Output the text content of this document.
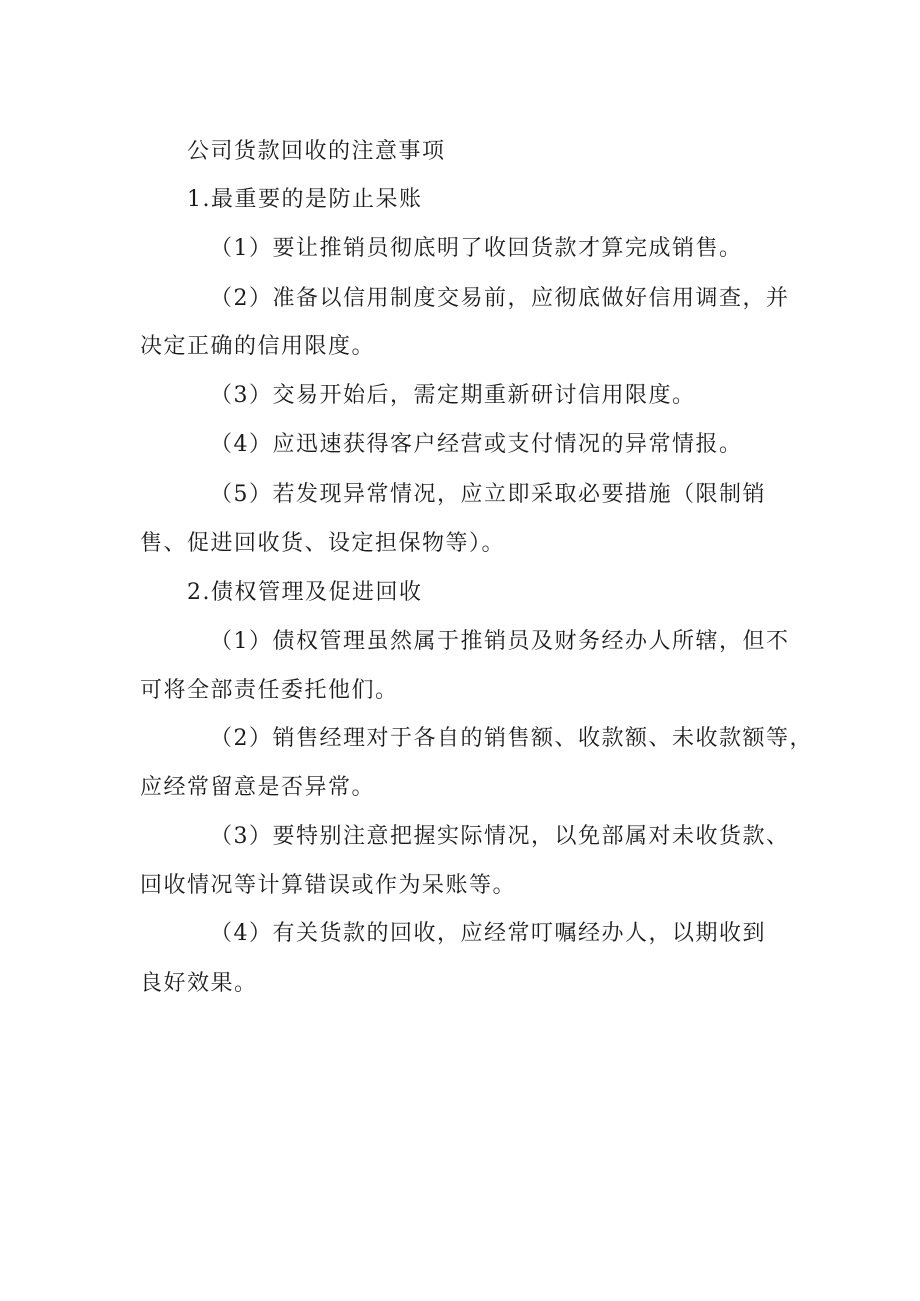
公司货款回收的注意事项
1.最重要的是防止呆账
（1）要让推销员彻底明了收回货款才算完成销售。
（2）准备以信用制度交易前，应彻底做好信用调查，并
决定正确的信用限度。
（3）交易开始后，需定期重新研讨信用限度。
（4）应迅速获得客户经营或支付情况的异常情报。
（5）若发现异常情况，应立即采取必要措施（限制销
售、促进回收货、设定担保物等）。
2.债权管理及促进回收
（1）债权管理虽然属于推销员及财务经办人所辖，但不
可将全部责任委托他们。
（2）销售经理对于各自的销售额、收款额、未收款额等，
应经常留意是否异常。
（3）要特别注意把握实际情况，以免部属对未收货款、
回收情况等计算错误或作为呆账等。
（4）有关货款的回收，应经常叮嘱经办人，以期收到
良好效果。
